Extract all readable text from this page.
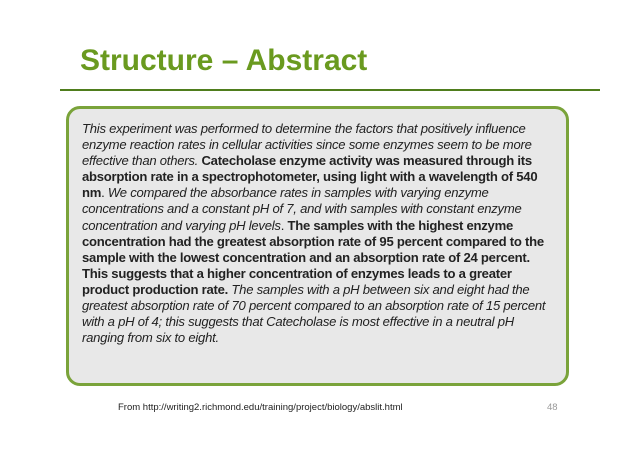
Structure – Abstract
This experiment was performed to determine the factors that positively influence enzyme reaction rates in cellular activities since some enzymes seem to be more effective than others. Catecholase enzyme activity was measured through its absorption rate in a spectrophotometer, using light with a wavelength of 540 nm. We compared the absorbance rates in samples with varying enzyme concentrations and a constant pH of 7, and with samples with constant enzyme concentration and varying pH levels. The samples with the highest enzyme concentration had the greatest absorption rate of 95 percent compared to the sample with the lowest concentration and an absorption rate of 24 percent. This suggests that a higher concentration of enzymes leads to a greater product production rate. The samples with a pH between six and eight had the greatest absorption rate of 70 percent compared to an absorption rate of 15 percent with a pH of 4; this suggests that Catecholase is most effective in a neutral pH ranging from six to eight.
From http://writing2.richmond.edu/training/project/biology/abslit.html	48
